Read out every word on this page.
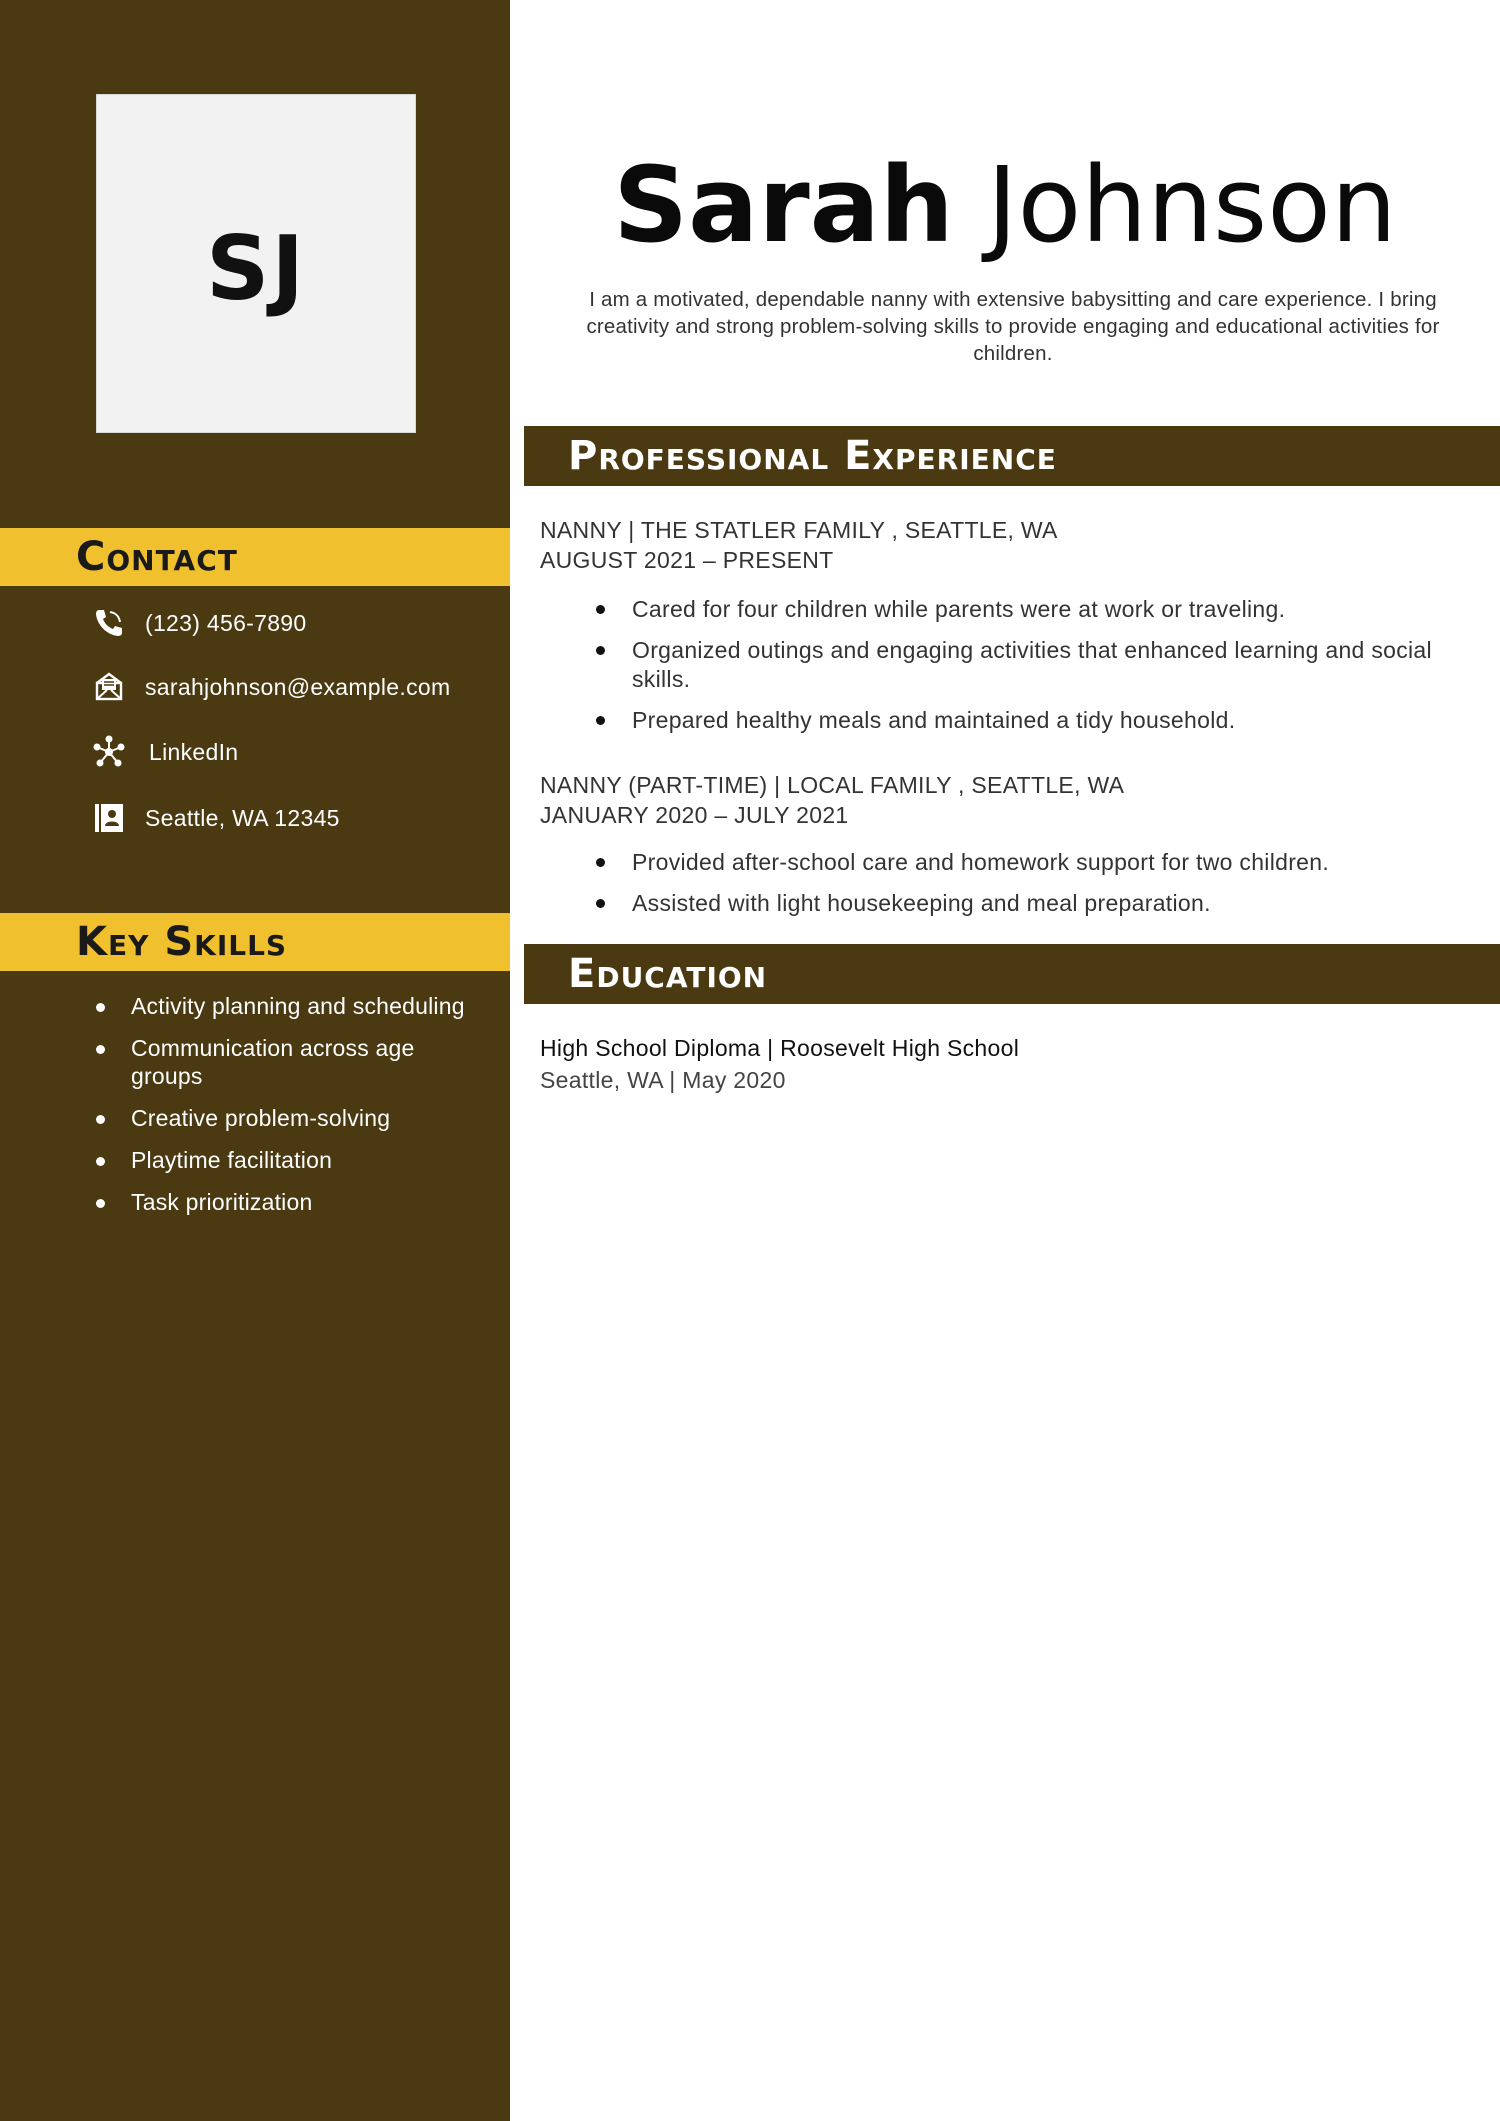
SJ
Contact
(123) 456-7890
sarahjohnson@example.com
LinkedIn
Seattle, WA 12345
Key Skills
Activity planning and scheduling
Communication across age groups
Creative problem-solving
Playtime facilitation
Task prioritization
Sarah Johnson
I am a motivated, dependable nanny with extensive babysitting and care experience. I bring creativity and strong problem-solving skills to provide engaging and educational activities for children.
Professional Experience
NANNY | THE STATLER FAMILY , SEATTLE, WA
AUGUST 2021 – PRESENT
Cared for four children while parents were at work or traveling.
Organized outings and engaging activities that enhanced learning and social skills.
Prepared healthy meals and maintained a tidy household.
NANNY (PART-TIME) | LOCAL FAMILY , SEATTLE, WA
JANUARY 2020 – JULY 2021
Provided after-school care and homework support for two children.
Assisted with light housekeeping and meal preparation.
Education
High School Diploma | Roosevelt High School
Seattle, WA | May 2020
